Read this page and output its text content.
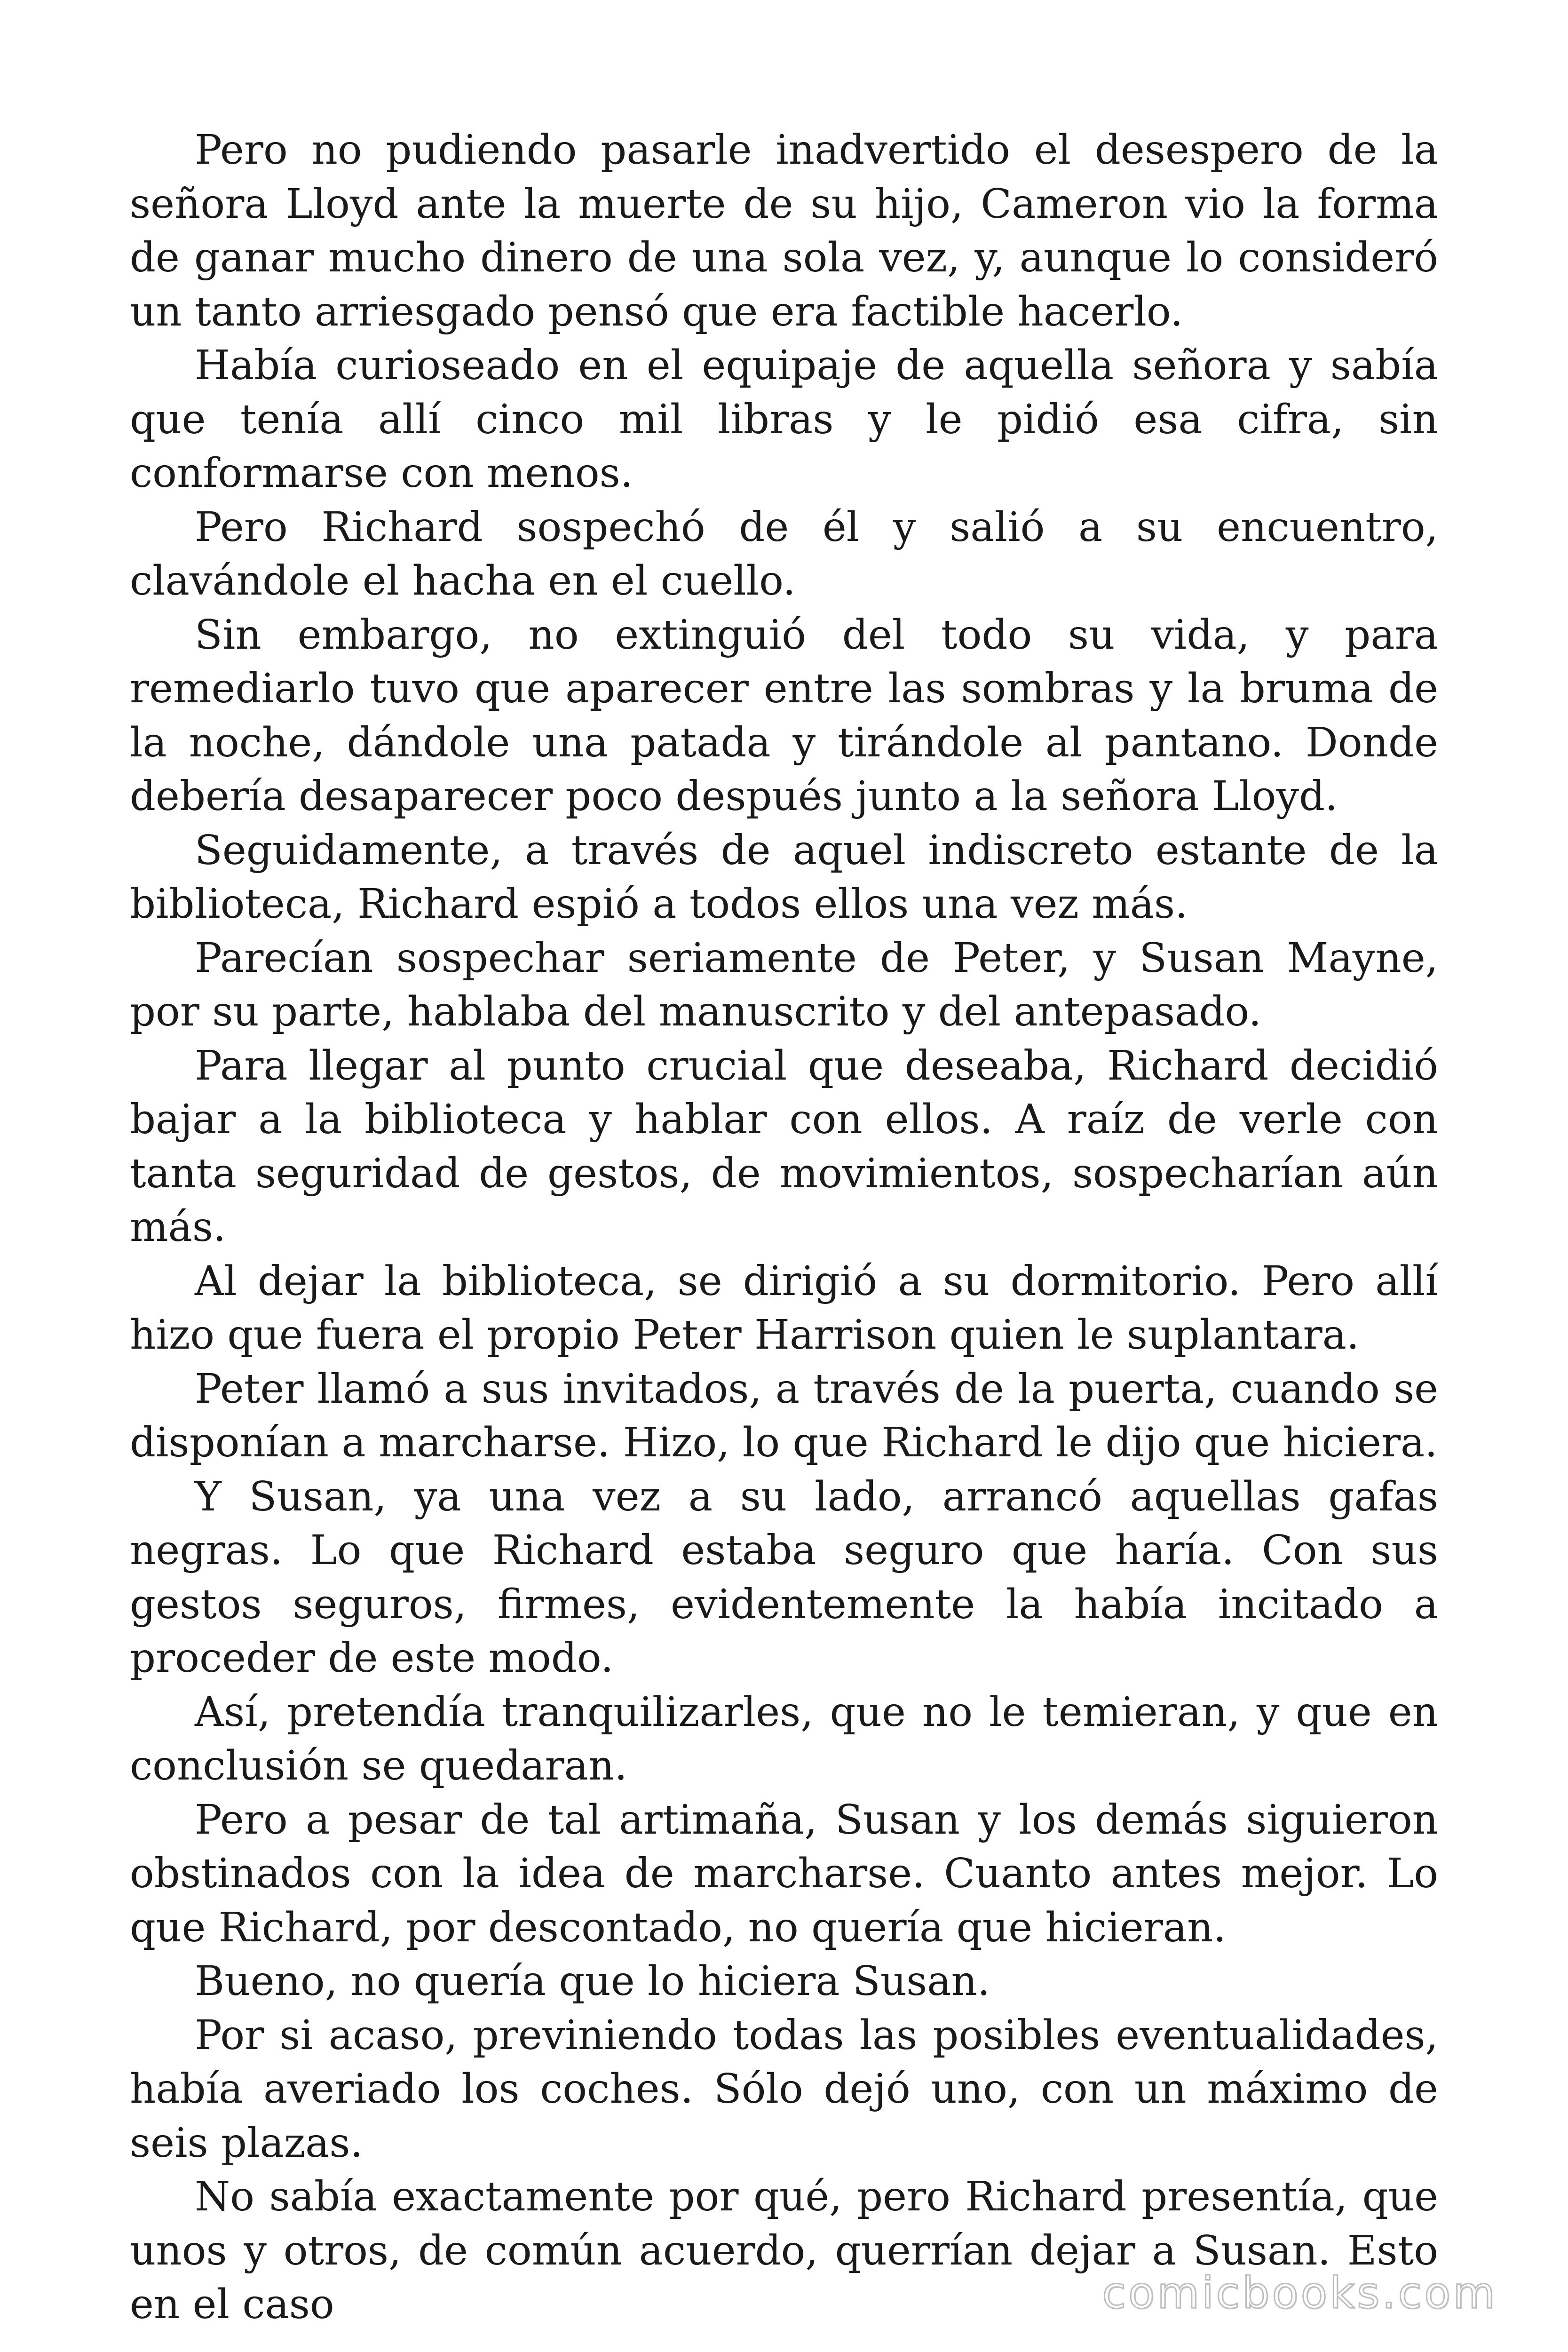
Pero no pudiendo pasarle inadvertido el desespero de la señora Lloyd ante la muerte de su hijo, Cameron vio la forma de ganar mucho dinero de una sola vez, y, aunque lo consideró un tanto arriesgado pensó que era factible hacerlo.

Había curioseado en el equipaje de aquella señora y sabía que tenía allí cinco mil libras y le pidió esa cifra, sin conformarse con menos.

Pero Richard sospechó de él y salió a su encuentro, clavándole el hacha en el cuello.

Sin embargo, no extinguió del todo su vida, y para remediarlo tuvo que aparecer entre las sombras y la bruma de la noche, dándole una patada y tirándole al pantano. Donde debería desaparecer poco después junto a la señora Lloyd.

Seguidamente, a través de aquel indiscreto estante de la biblioteca, Richard espió a todos ellos una vez más.

Parecían sospechar seriamente de Peter, y Susan Mayne, por su parte, hablaba del manuscrito y del antepasado.

Para llegar al punto crucial que deseaba, Richard decidió bajar a la biblioteca y hablar con ellos. A raíz de verle con tanta seguridad de gestos, de movimientos, sospecharían aún más.

Al dejar la biblioteca, se dirigió a su dormitorio. Pero allí hizo que fuera el propio Peter Harrison quien le suplantara.

Peter llamó a sus invitados, a través de la puerta, cuando se disponían a marcharse. Hizo, lo que Richard le dijo que hiciera.

Y Susan, ya una vez a su lado, arrancó aquellas gafas negras. Lo que Richard estaba seguro que haría. Con sus gestos seguros, firmes, evidentemente la había incitado a proceder de este modo.

Así, pretendía tranquilizarles, que no le temieran, y que en conclusión se quedaran.

Pero a pesar de tal artimaña, Susan y los demás siguieron obstinados con la idea de marcharse. Cuanto antes mejor. Lo que Richard, por descontado, no quería que hicieran.

Bueno, no quería que lo hiciera Susan.

Por si acaso, previniendo todas las posibles eventualidades, había averiado los coches. Sólo dejó uno, con un máximo de seis plazas.

No sabía exactamente por qué, pero Richard presentía, que unos y otros, de común acuerdo, querrían dejar a Susan. Esto en el caso	comicbooks.com
